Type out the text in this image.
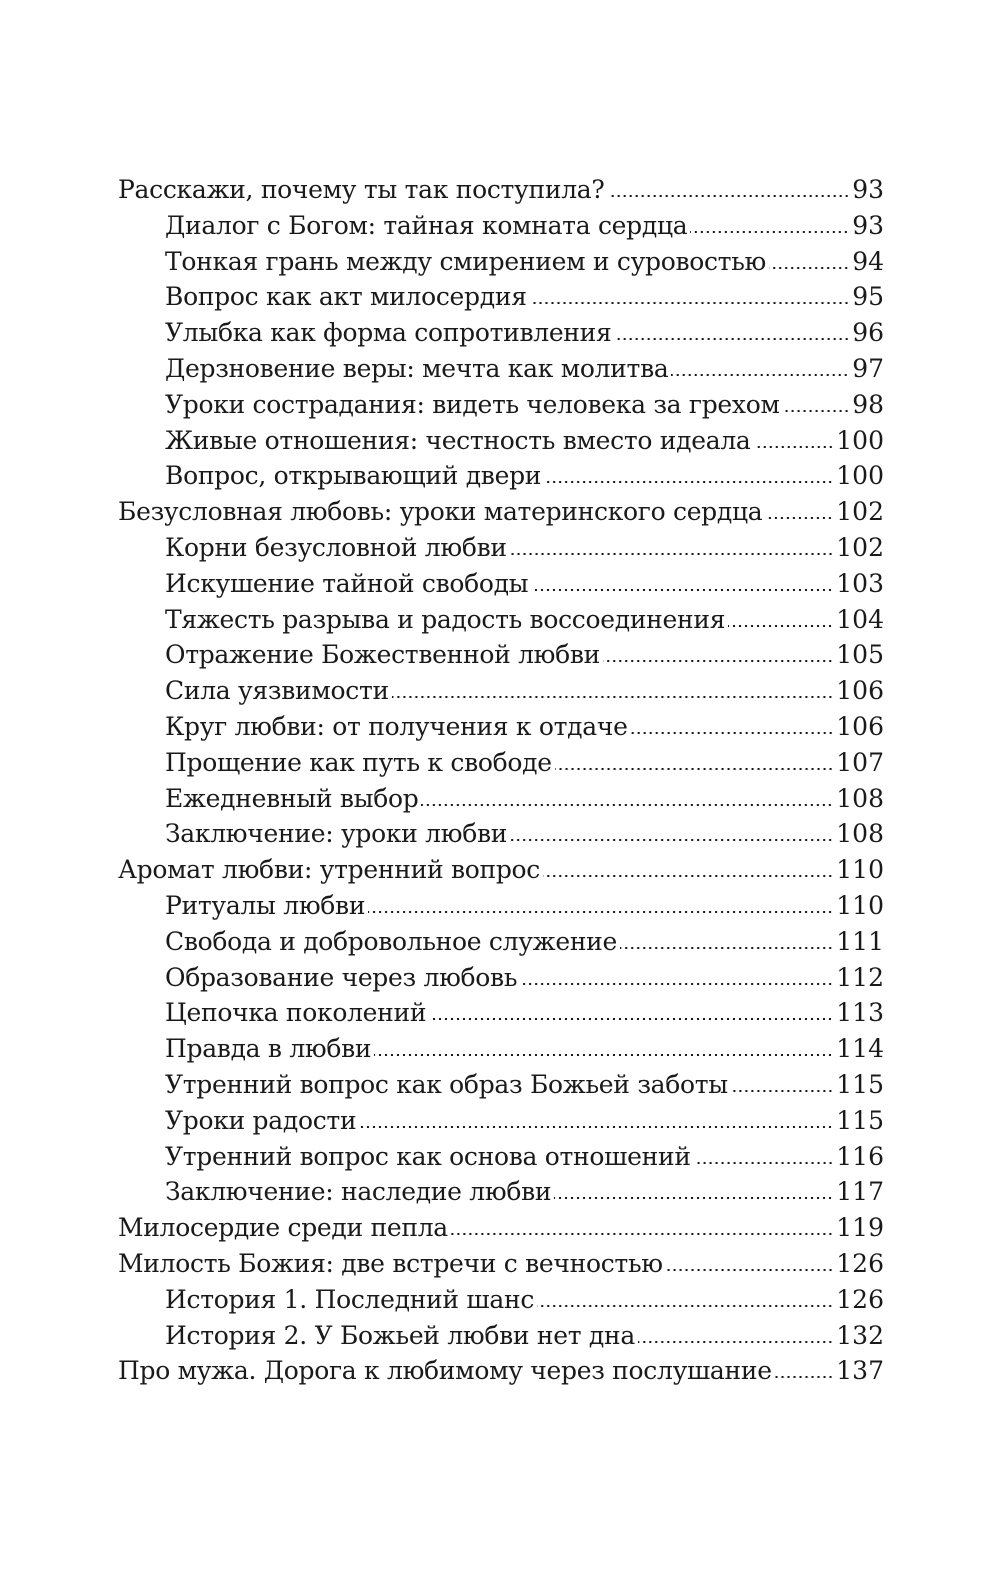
Расскажи, почему ты так поступила?	93
Диалог с Богом: тайная комната сердца	93
Тонкая грань между смирением и суровостью	94
Вопрос как акт милосердия	95
Улыбка как форма сопротивления	96
Дерзновение веры: мечта как молитва	97
Уроки сострадания: видеть человека за грехом	98
Живые отношения: честность вместо идеала	100
Вопрос, открывающий двери	100
Безусловная любовь: уроки материнского сердца	102
Корни безусловной любви	102
Искушение тайной свободы	103
Тяжесть разрыва и радость воссоединения	104
Отражение Божественной любви	105
Сила уязвимости	106
Круг любви: от получения к отдаче	106
Прощение как путь к свободе	107
Ежедневный выбор	108
Заключение: уроки любви	108
Аромат любви: утренний вопрос	110
Ритуалы любви	110
Свобода и добровольное служение	111
Образование через любовь	112
Цепочка поколений	113
Правда в любви	114
Утренний вопрос как образ Божьей заботы	115
Уроки радости	115
Утренний вопрос как основа отношений	116
Заключение: наследие любви	117
Милосердие среди пепла	119
Милость Божия: две встречи с вечностью	126
История 1. Последний шанс	126
История 2. У Божьей любви нет дна	132
Про мужа. Дорога к любимому через послушание	137
